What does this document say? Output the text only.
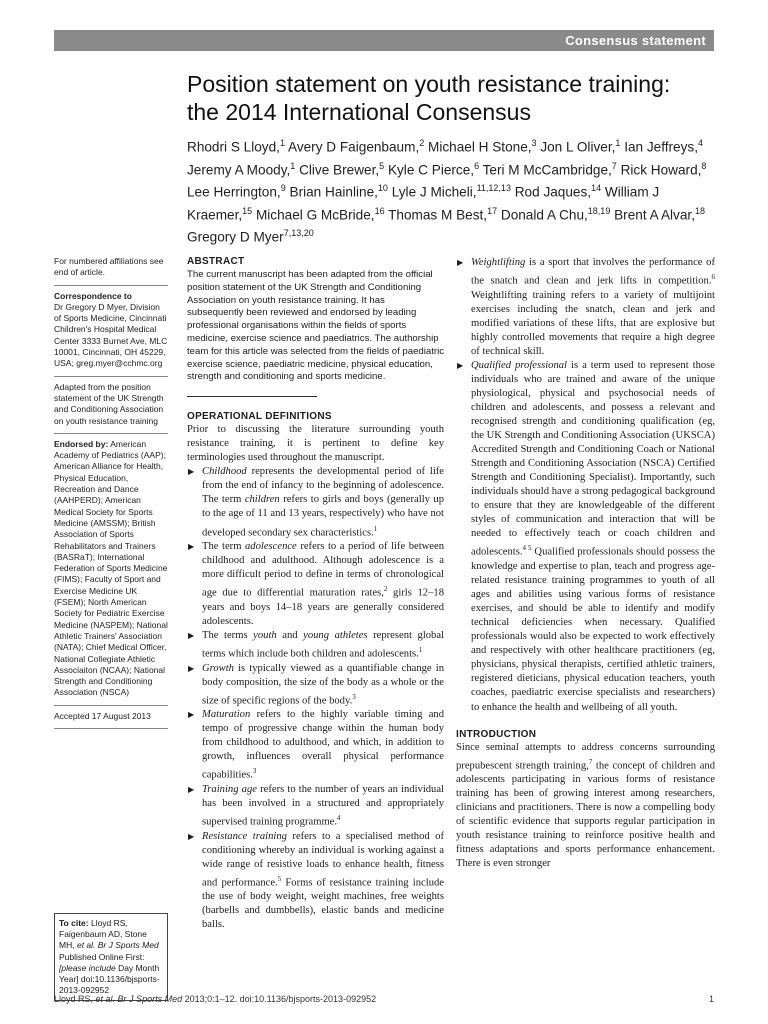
Consensus statement
Position statement on youth resistance training:
the 2014 International Consensus
Rhodri S Lloyd,$^1$ Avery D Faigenbaum,$^2$ Michael H Stone,$^3$ Jon L Oliver,$^1$ Ian Jeffreys,$^4$ Jeremy A Moody,$^1$ Clive Brewer,$^5$ Kyle C Pierce,$^6$ Teri M McCambridge,$^7$ Rick Howard,$^8$ Lee Herrington,$^9$ Brian Hainline,$^{10}$ Lyle J Micheli,$^{11,12,13}$ Rod Jaques,$^{14}$ William J Kraemer,$^{15}$ Michael G McBride,$^{16}$ Thomas M Best,$^{17}$ Donald A Chu,$^{18,19}$ Brent A Alvar,$^{18}$ Gregory D Myer$^{7,13,20}$
For numbered affiliations see end of article.
Correspondence to
Dr Gregory D Myer, Division of Sports Medicine, Cincinnati Children's Hospital Medical Center 3333 Burnet Ave, MLC 10001, Cincinnati, OH 45229, USA; greg.myer@cchmc.org
Adapted from the position statement of the UK Strength and Conditioning Association on youth resistance training
Endorsed by: American Academy of Pediatrics (AAP); American Alliance for Health, Physical Education, Recreation and Dance (AAHPERD); American Medical Society for Sports Medicine (AMSSM); British Association of Sports Rehabilitators and Trainers (BASRaT); International Federation of Sports Medicine (FIMS); Faculty of Sport and Exercise Medicine UK (FSEM); North American Society for Pediatric Exercise Medicine (NASPEM); National Athletic Trainers' Association (NATA); Chief Medical Officer, National Collegiate Athletic Associaiton (NCAA); National Strength and Conditioning Association (NSCA)
Accepted 17 August 2013
To cite: Lloyd RS, Faigenbaum AD, Stone MH, et al. Br J Sports Med Published Online First: [please include Day Month Year] doi:10.1136/bjsports-2013-092952
ABSTRACT

The current manuscript has been adapted from the official position statement of the UK Strength and Conditioning Association on youth resistance training. It has subsequently been reviewed and endorsed by leading professional organisations within the fields of sports medicine, exercise science and paediatrics. The authorship team for this article was selected from the fields of paediatric exercise science, paediatric medicine, physical education, strength and conditioning and sports medicine.

OPERATIONAL DEFINITIONS

Prior to discussing the literature surrounding youth resistance training, it is pertinent to define key terminologies used throughout the manuscript.

▶ Childhood represents the developmental period of life from the end of infancy to the beginning of adolescence. The term children refers to girls and boys (generally up to the age of 11 and 13 years, respectively) who have not developed secondary sex characteristics.$^1$
▶ The term adolescence refers to a period of life between childhood and adulthood. Although adolescence is a more difficult period to define in terms of chronological age due to differential maturation rates,$^2$ girls 12–18 years and boys 14–18 years are generally considered adolescents.
▶ The terms youth and young athletes represent global terms which include both children and adolescents.$^1$
▶ Growth is typically viewed as a quantifiable change in body composition, the size of the body as a whole or the size of specific regions of the body.$^3$
▶ Maturation refers to the highly variable timing and tempo of progressive change within the human body from childhood to adulthood, and which, in addition to growth, influences overall physical performance capabilities.$^3$
▶ Training age refers to the number of years an individual has been involved in a structured and appropriately supervised training programme.$^4$
▶ Resistance training refers to a specialised method of conditioning whereby an individual is working against a wide range of resistive loads to enhance health, fitness and performance.$^5$ Forms of resistance training include the use of body weight, weight machines, free weights (barbells and dumbbells), elastic bands and medicine balls.
▶ Weightlifting is a sport that involves the performance of the snatch and clean and jerk lifts in competition.$^6$ Weightlifting training refers to a variety of multijoint exercises including the snatch, clean and jerk and modified variations of these lifts, that are explosive but highly controlled movements that require a high degree of technical skill.
▶ Qualified professional is a term used to represent those individuals who are trained and aware of the unique physiological, physical and psychosocial needs of children and adolescents, and possess a relevant and recognised strength and conditioning qualification (eg, the UK Strength and Conditioning Association (UKSCA) Accredited Strength and Conditioning Coach or National Strength and Conditioning Association (NSCA) Certified Strength and Conditioning Specialist). Importantly, such individuals should have a strong pedagogical background to ensure that they are knowledgeable of the different styles of communication and interaction that will be needed to effectively teach or coach children and adolescents.$^{4 5}$ Qualified professionals should possess the knowledge and expertise to plan, teach and progress age-related resistance training programmes to youth of all ages and abilities using various forms of resistance exercises, and should be able to identify and modify technical deficiencies when necessary. Qualified professionals would also be expected to work effectively and respectively with other healthcare practitioners (eg, physicians, physical therapists, certified athletic trainers, registered dieticians, physical education teachers, youth coaches, paediatric exercise specialists and researchers) to enhance the health and wellbeing of all youth.
INTRODUCTION

Since seminal attempts to address concerns surrounding prepubescent strength training,$^7$ the concept of children and adolescents participating in various forms of resistance training has been of growing interest among researchers, clinicians and practitioners. There is now a compelling body of scientific evidence that supports regular participation in youth resistance training to reinforce positive health and fitness adaptations and sports performance enhancement. There is even stronger

Lloyd RS, et al. Br J Sports Med 2013;0:1–12. doi:10.1136/bjsports-2013-092952	1
